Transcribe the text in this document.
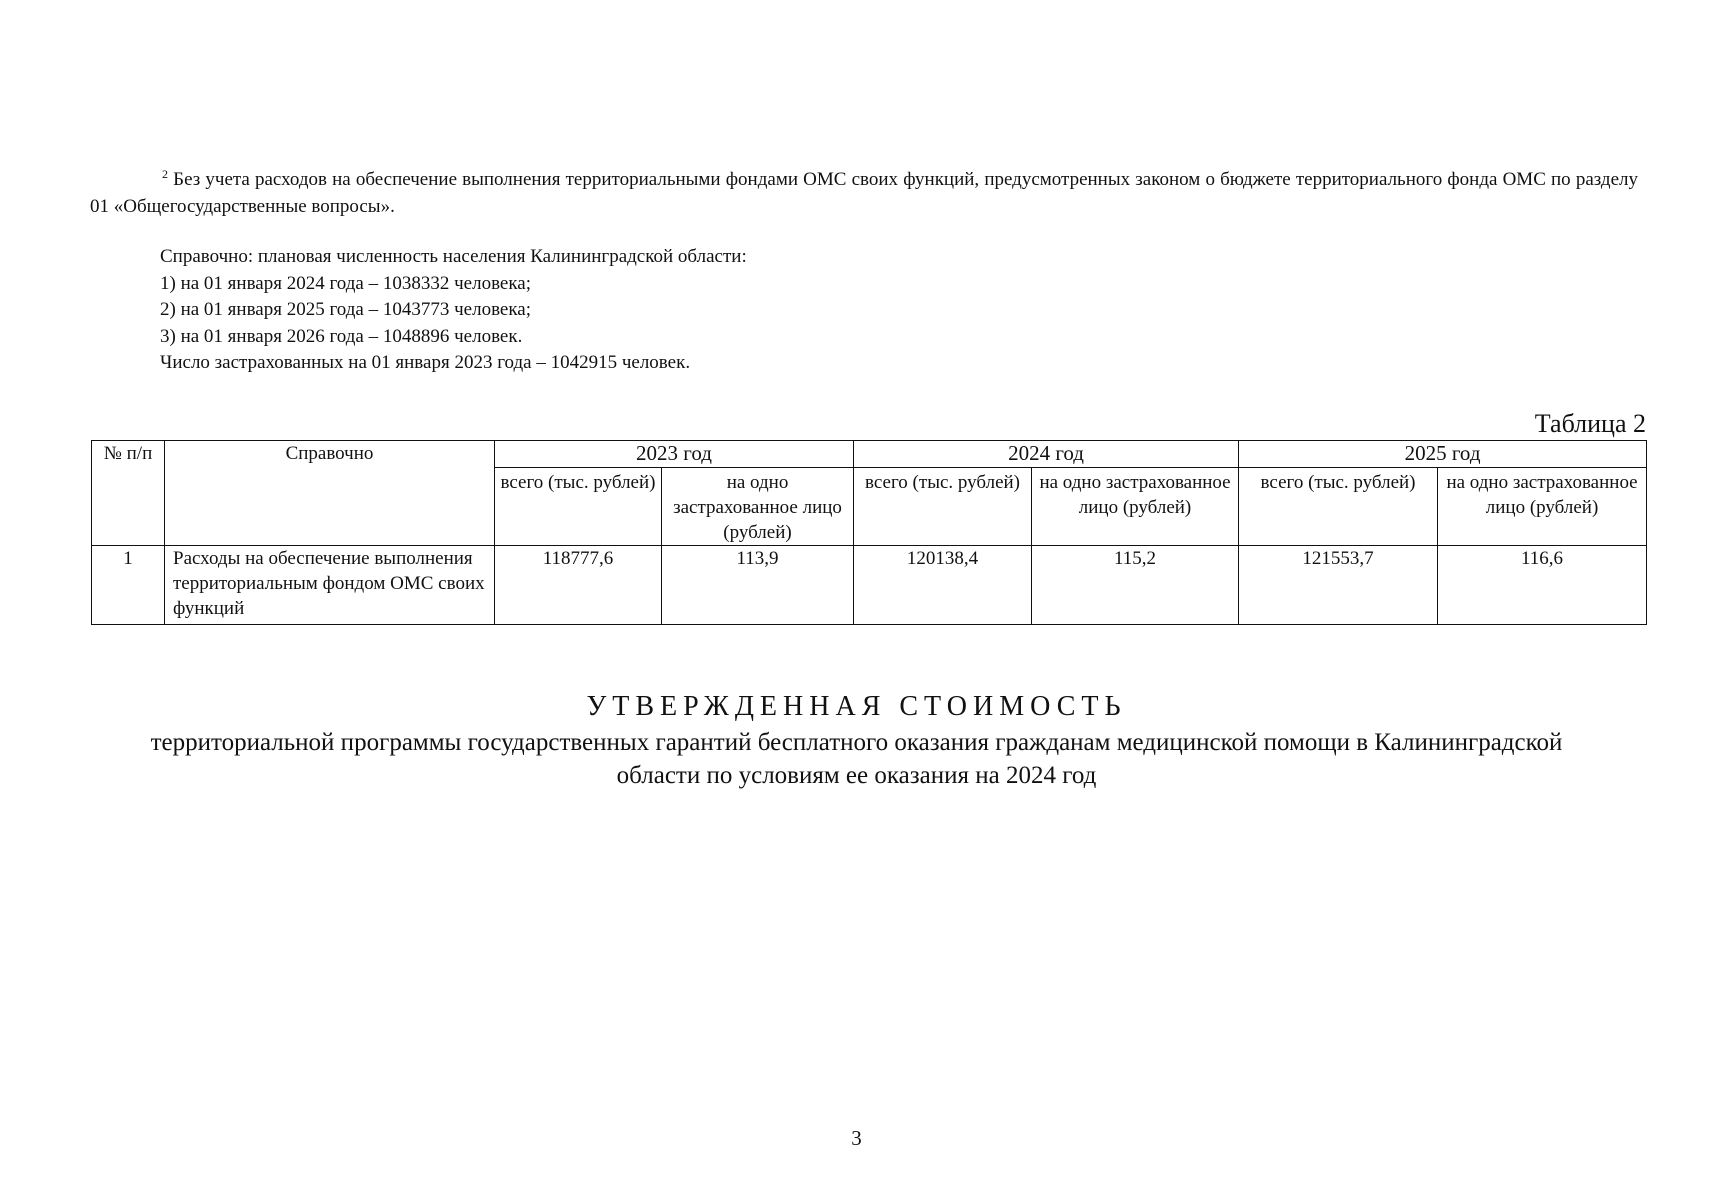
$^2$ Без учета расходов на обеспечение выполнения территориальными фондами ОМС своих функций, предусмотренных законом о бюджете территориального фонда ОМС по разделу 01 «Общегосударственные вопросы».
Справочно: плановая численность населения Калининградской области:
1) на 01 января 2024 года – 1038332 человека;
2) на 01 января 2025 года – 1043773 человека;
3) на 01 января 2026 года – 1048896 человек.
Число застрахованных на 01 января 2023 года – 1042915 человек.
Таблица 2
№ п/п	Справочно	2023 год		2024 год		2025 год	
		всего (тыс. рублей)	на одно застрахованное лицо (рублей)	всего (тыс. рублей)	на одно застрахованное лицо (рублей)	всего (тыс. рублей)	на одно застрахованное лицо (рублей)
1	Расходы на обеспечение выполнения территориальным фондом ОМС своих функций	118777,6	113,9	120138,4	115,2	121553,7	116,6
УТВЕРЖДЕННАЯ СТОИМОСТЬ
территориальной программы государственных гарантий бесплатного оказания гражданам медицинской помощи в Калининградской области по условиям ее оказания на 2024 год
3
